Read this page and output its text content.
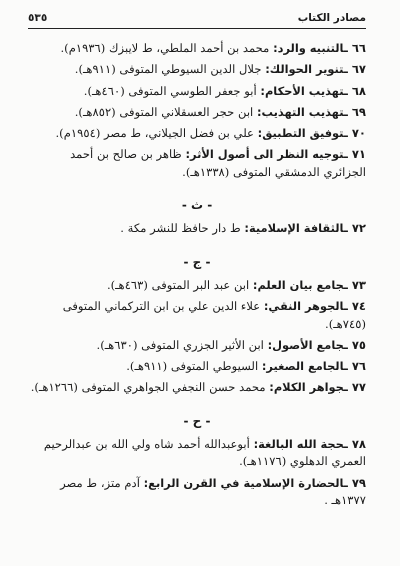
مصادر الكتاب
٥٣٥

٦٦ ـالتنبيه والرد: محمد بن أحمد الملطي، ط لايبزك (١٩٣٦م).

٦٧ ـتنوير الحوالك: جلال الدين السيوطي المتوفى (٩١١هـ).

٦٨ ـتهذيب الأحكام: أبو جعفر الطوسي المتوفى (٤٦٠هـ).

٦٩ ـتهذيب التهذيب: ابن حجر العسقلاني المتوفى (٨٥٢هـ).

٧٠ ـتوفيق التطبيق: علي بن فضل الجيلاني، ط مصر (١٩٥٤م).

٧١ ـتوجيه النظر الى أصول الأثر: ظاهر بن صالح بن أحمد الجزائري الدمشقي المتوفى (١٣٣٨هـ).

- ث -

٧٢ ـالثقافة الإسلامية: ط دار حافظ للنشر مكة .

- ج -

٧٣ ـجامع بيان العلم: ابن عبد البر المتوفى (٤٦٣هـ).

٧٤ ـالجوهر النقي: علاء الدين علي بن ابن التركماني المتوفى (٧٤٥هـ).

٧٥ ـجامع الأصول: ابن الأثير الجزري المتوفى (٦٣٠هـ).

٧٦ ـالجامع الصغير: السيوطي المتوفى (٩١١هـ).

٧٧ ـجواهر الكلام: محمد حسن النجفي الجواهري المتوفى (١٢٦٦هـ).

- ح -

٧٨ ـحجة الله البالغة: أبوعبدالله أحمد شاه ولي الله بن عبدالرحيم العمري الدهلوي (١١٧٦هـ).

٧٩ ـالحضارة الإسلامية في القرن الرابع: آدم متز، ط مصر ١٣٧٧هـ .
